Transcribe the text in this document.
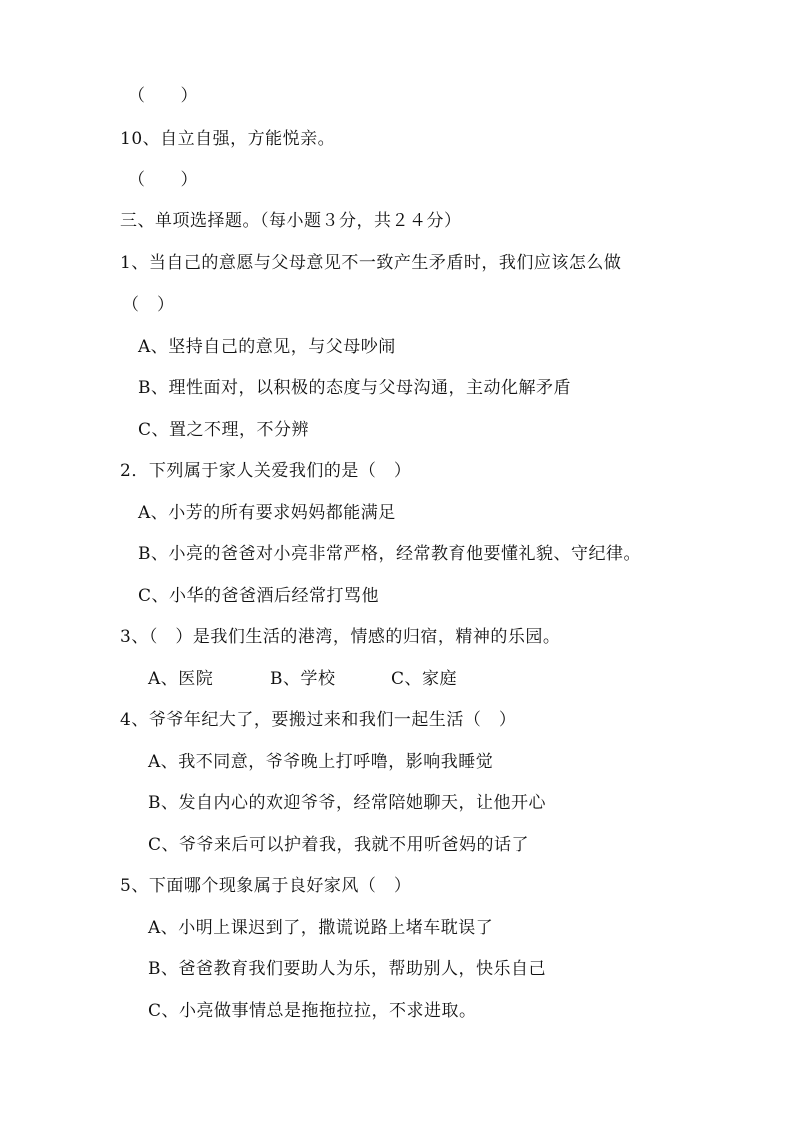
（　　）
10、自立自强，方能悦亲。
（　　）
三、单项选择题。（每小题３分，共２４分）
1、当自己的意愿与父母意见不一致产生矛盾时，我们应该怎么做
（　）
A、坚持自己的意见，与父母吵闹
B、理性面对，以积极的态度与父母沟通，主动化解矛盾
C、置之不理，不分辨
2．下列属于家人关爱我们的是（　）
A、小芳的所有要求妈妈都能满足
B、小亮的爸爸对小亮非常严格，经常教育他要懂礼貌、守纪律。
C、小华的爸爸酒后经常打骂他
3、（　）是我们生活的港湾，情感的归宿，精神的乐园。
A、医院	B、学校	C、家庭
4、爷爷年纪大了，要搬过来和我们一起生活（　）
A、我不同意，爷爷晚上打呼噜，影响我睡觉
B、发自内心的欢迎爷爷，经常陪她聊天，让他开心
C、爷爷来后可以护着我，我就不用听爸妈的话了
5、下面哪个现象属于良好家风（　）
A、小明上课迟到了，撒谎说路上堵车耽误了
B、爸爸教育我们要助人为乐，帮助别人，快乐自己
C、小亮做事情总是拖拖拉拉，不求进取。
